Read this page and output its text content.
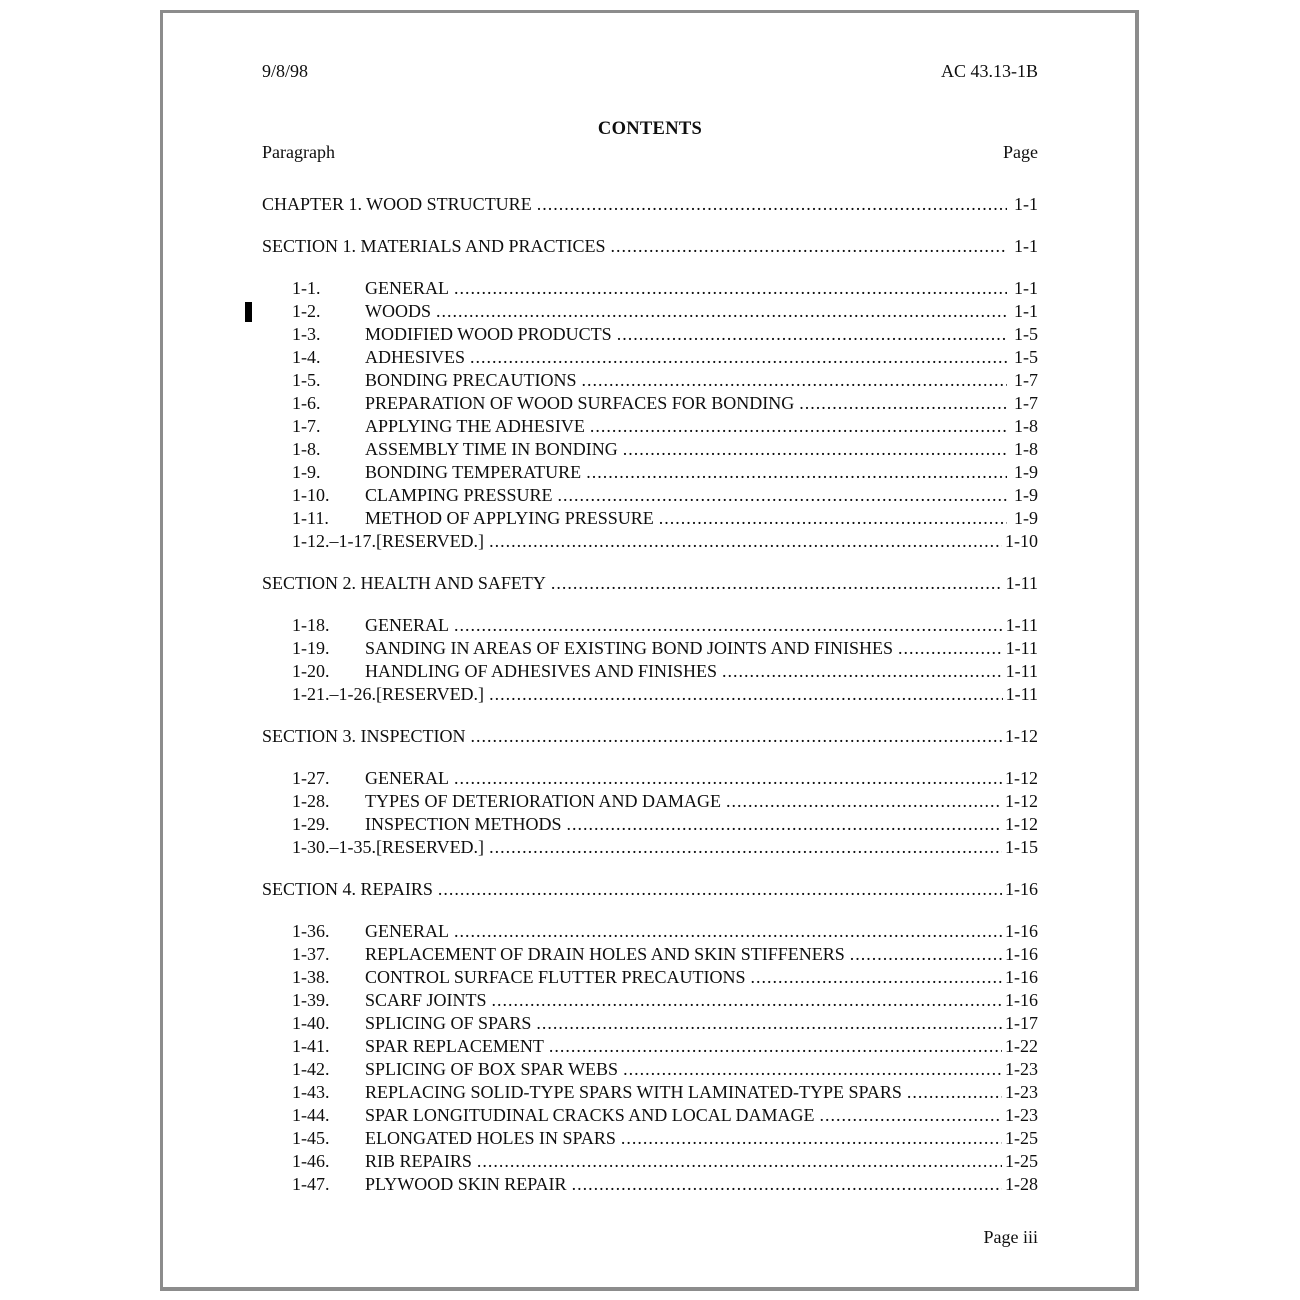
9/8/98	AC 43.13-1B
CONTENTS
Paragraph	Page
CHAPTER 1. WOOD STRUCTURE .....	1-1
SECTION 1. MATERIALS AND PRACTICES .....	1-1
1-1.	GENERAL .....	1-1
1-2.	WOODS .....	1-1
1-3.	MODIFIED WOOD PRODUCTS .....	1-5
1-4.	ADHESIVES .....	1-5
1-5.	BONDING PRECAUTIONS .....	1-7
1-6.	PREPARATION OF WOOD SURFACES FOR BONDING .....	1-7
1-7.	APPLYING THE ADHESIVE .....	1-8
1-8.	ASSEMBLY TIME IN BONDING .....	1-8
1-9.	BONDING TEMPERATURE .....	1-9
1-10.	CLAMPING PRESSURE .....	1-9
1-11.	METHOD OF APPLYING PRESSURE .....	1-9
1-12.–1-17. [RESERVED.] .....	1-10
SECTION 2. HEALTH AND SAFETY .....	1-11
1-18.	GENERAL .....	1-11
1-19.	SANDING IN AREAS OF EXISTING BOND JOINTS AND FINISHES .....	1-11
1-20.	HANDLING OF ADHESIVES AND FINISHES .....	1-11
1-21.–1-26. [RESERVED.] .....	1-11
SECTION 3. INSPECTION .....	1-12
1-27.	GENERAL .....	1-12
1-28.	TYPES OF DETERIORATION AND DAMAGE .....	1-12
1-29.	INSPECTION METHODS .....	1-12
1-30.–1-35. [RESERVED.] .....	1-15
SECTION 4. REPAIRS .....	1-16
1-36.	GENERAL .....	1-16
1-37.	REPLACEMENT OF DRAIN HOLES AND SKIN STIFFENERS .....	1-16
1-38.	CONTROL SURFACE FLUTTER PRECAUTIONS .....	1-16
1-39.	SCARF JOINTS .....	1-16
1-40.	SPLICING OF SPARS .....	1-17
1-41.	SPAR REPLACEMENT .....	1-22
1-42.	SPLICING OF BOX SPAR WEBS .....	1-23
1-43.	REPLACING SOLID-TYPE SPARS WITH LAMINATED-TYPE SPARS .....	1-23
1-44.	SPAR LONGITUDINAL CRACKS AND LOCAL DAMAGE .....	1-23
1-45.	ELONGATED HOLES IN SPARS .....	1-25
1-46.	RIB REPAIRS .....	1-25
1-47.	PLYWOOD SKIN REPAIR .....	1-28
Page iii
